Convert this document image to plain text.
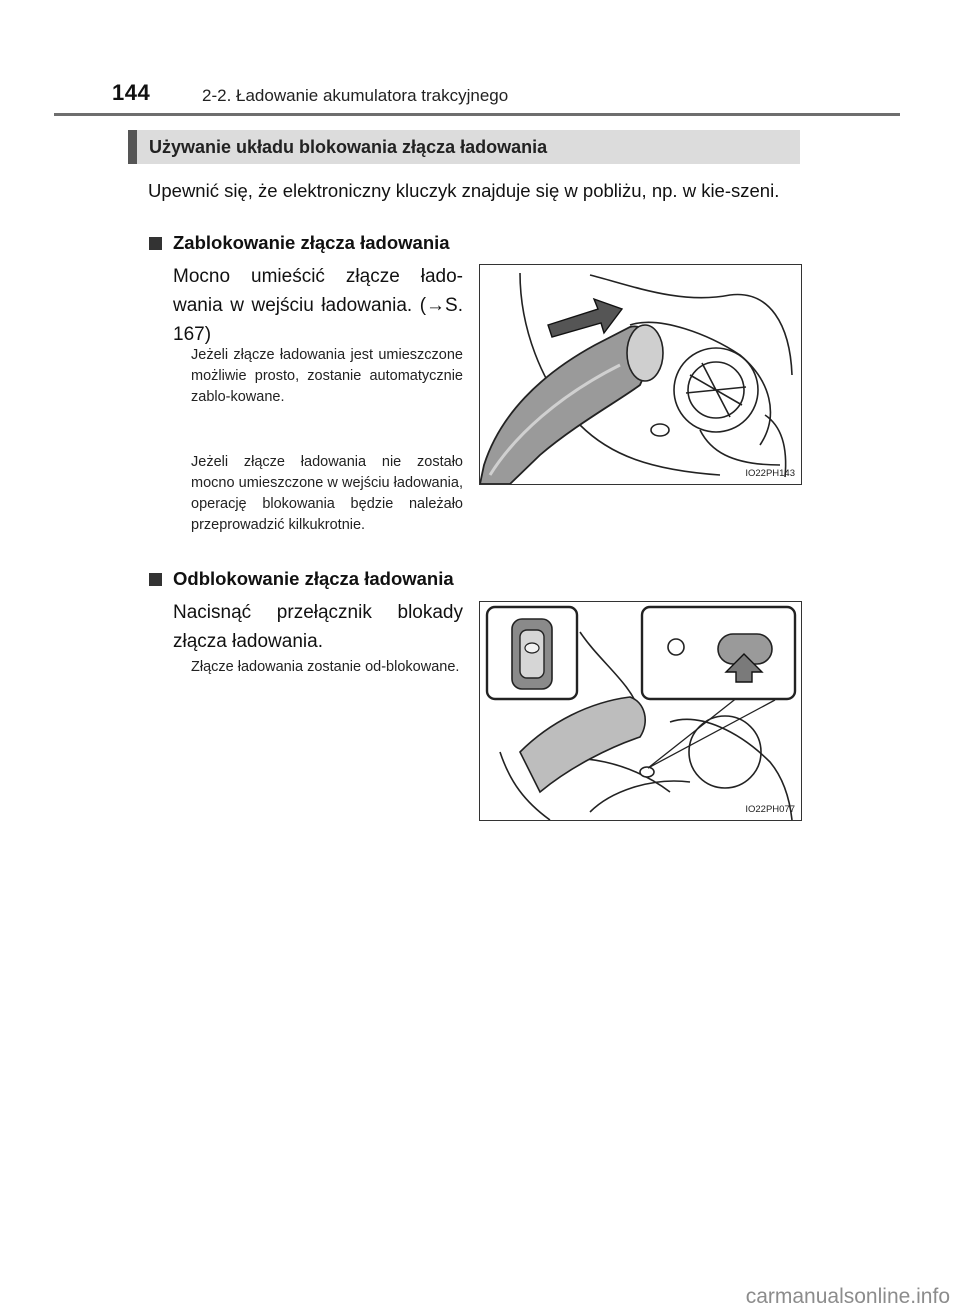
144	2-2. Ładowanie akumulatora trakcyjnego
Używanie układu blokowania złącza ładowania

Upewnić się, że elektroniczny kluczyk znajduje się w pobliżu, np. w kie-szeni.

Zablokowanie złącza ładowania

Mocno umieścić złącze łado-wania w wejściu ładowania. (→S. 167)

Jeżeli złącze ładowania jest umieszczone możliwie prosto, zostanie automatycznie zablo-kowane.

Jeżeli złącze ładowania nie zostało mocno umieszczone w wejściu ładowania, operację blokowania będzie należało przeprowadzić kilkukrotnie.

IO22PH143
Odblokowanie złącza ładowania

Nacisnąć przełącznik blokady złącza ładowania.

Złącze ładowania zostanie od-blokowane.

IO22PH077
carmanualsonline.info
